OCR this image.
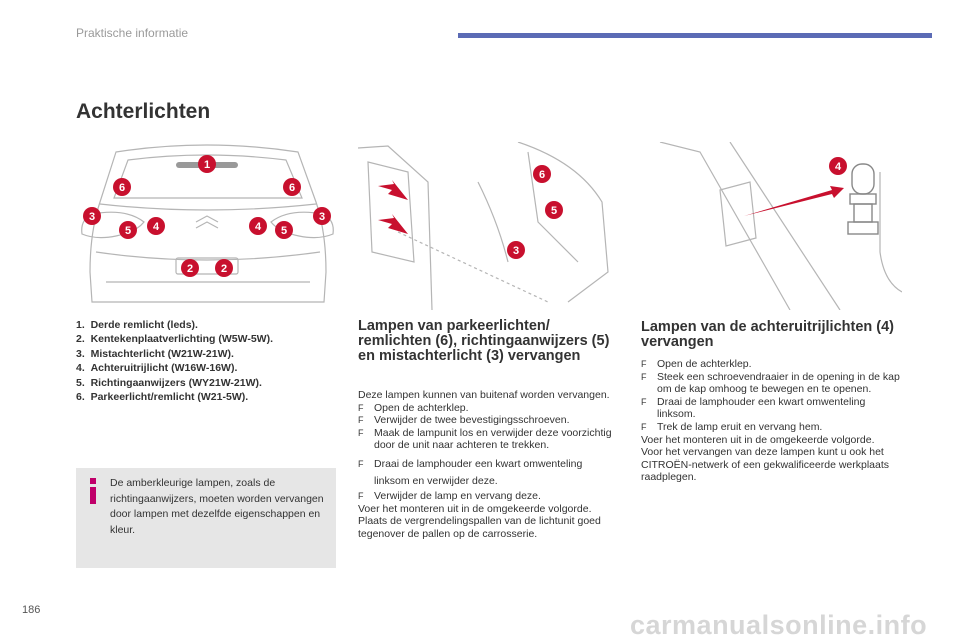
Praktische informatie
Achterlichten
1
6	6
3	3
5	5
4	4
2	2
6
5
3
4
1.  Derde remlicht (leds).
2.  Kentekenplaatverlichting (W5W-5W).
3.  Mistachterlicht (W21W-21W).
4.  Achteruitrijlicht (W16W-16W).
5.  Richtingaanwijzers (WY21W-21W).
6.  Parkeerlicht/remlicht (W21-5W).
De amberkleurige lampen, zoals de richtingaanwijzers, moeten worden vervangen door lampen met dezelfde eigenschappen en kleur.
Lampen van parkeerlichten/ remlichten (6), richtingaanwijzers (5) en mistachterlicht (3) vervangen
Deze lampen kunnen van buitenaf worden vervangen.
F Open de achterklep.
F Verwijder de twee bevestigingsschroeven.
F Maak de lampunit los en verwijder deze voorzichtig door de unit naar achteren te trekken.
F Draai de lamphouder een kwart omwenteling linksom en verwijder deze.
F Verwijder de lamp en vervang deze.
Voer het monteren uit in de omgekeerde volgorde.
Plaats de vergrendelingspallen van de lichtunit goed tegenover de pallen op de carrosserie.
Lampen van de achteruitrijlichten (4) vervangen
F Open de achterklep.
F Steek een schroevendraaier in de opening in de kap om de kap omhoog te bewegen en te openen.
F Draai de lamphouder een kwart omwenteling linksom.
F Trek de lamp eruit en vervang hem.
Voer het monteren uit in de omgekeerde volgorde.
Voor het vervangen van deze lampen kunt u ook het CITROËN-netwerk of een gekwalificeerde werkplaats raadplegen.
186	carmanualsonline.info
